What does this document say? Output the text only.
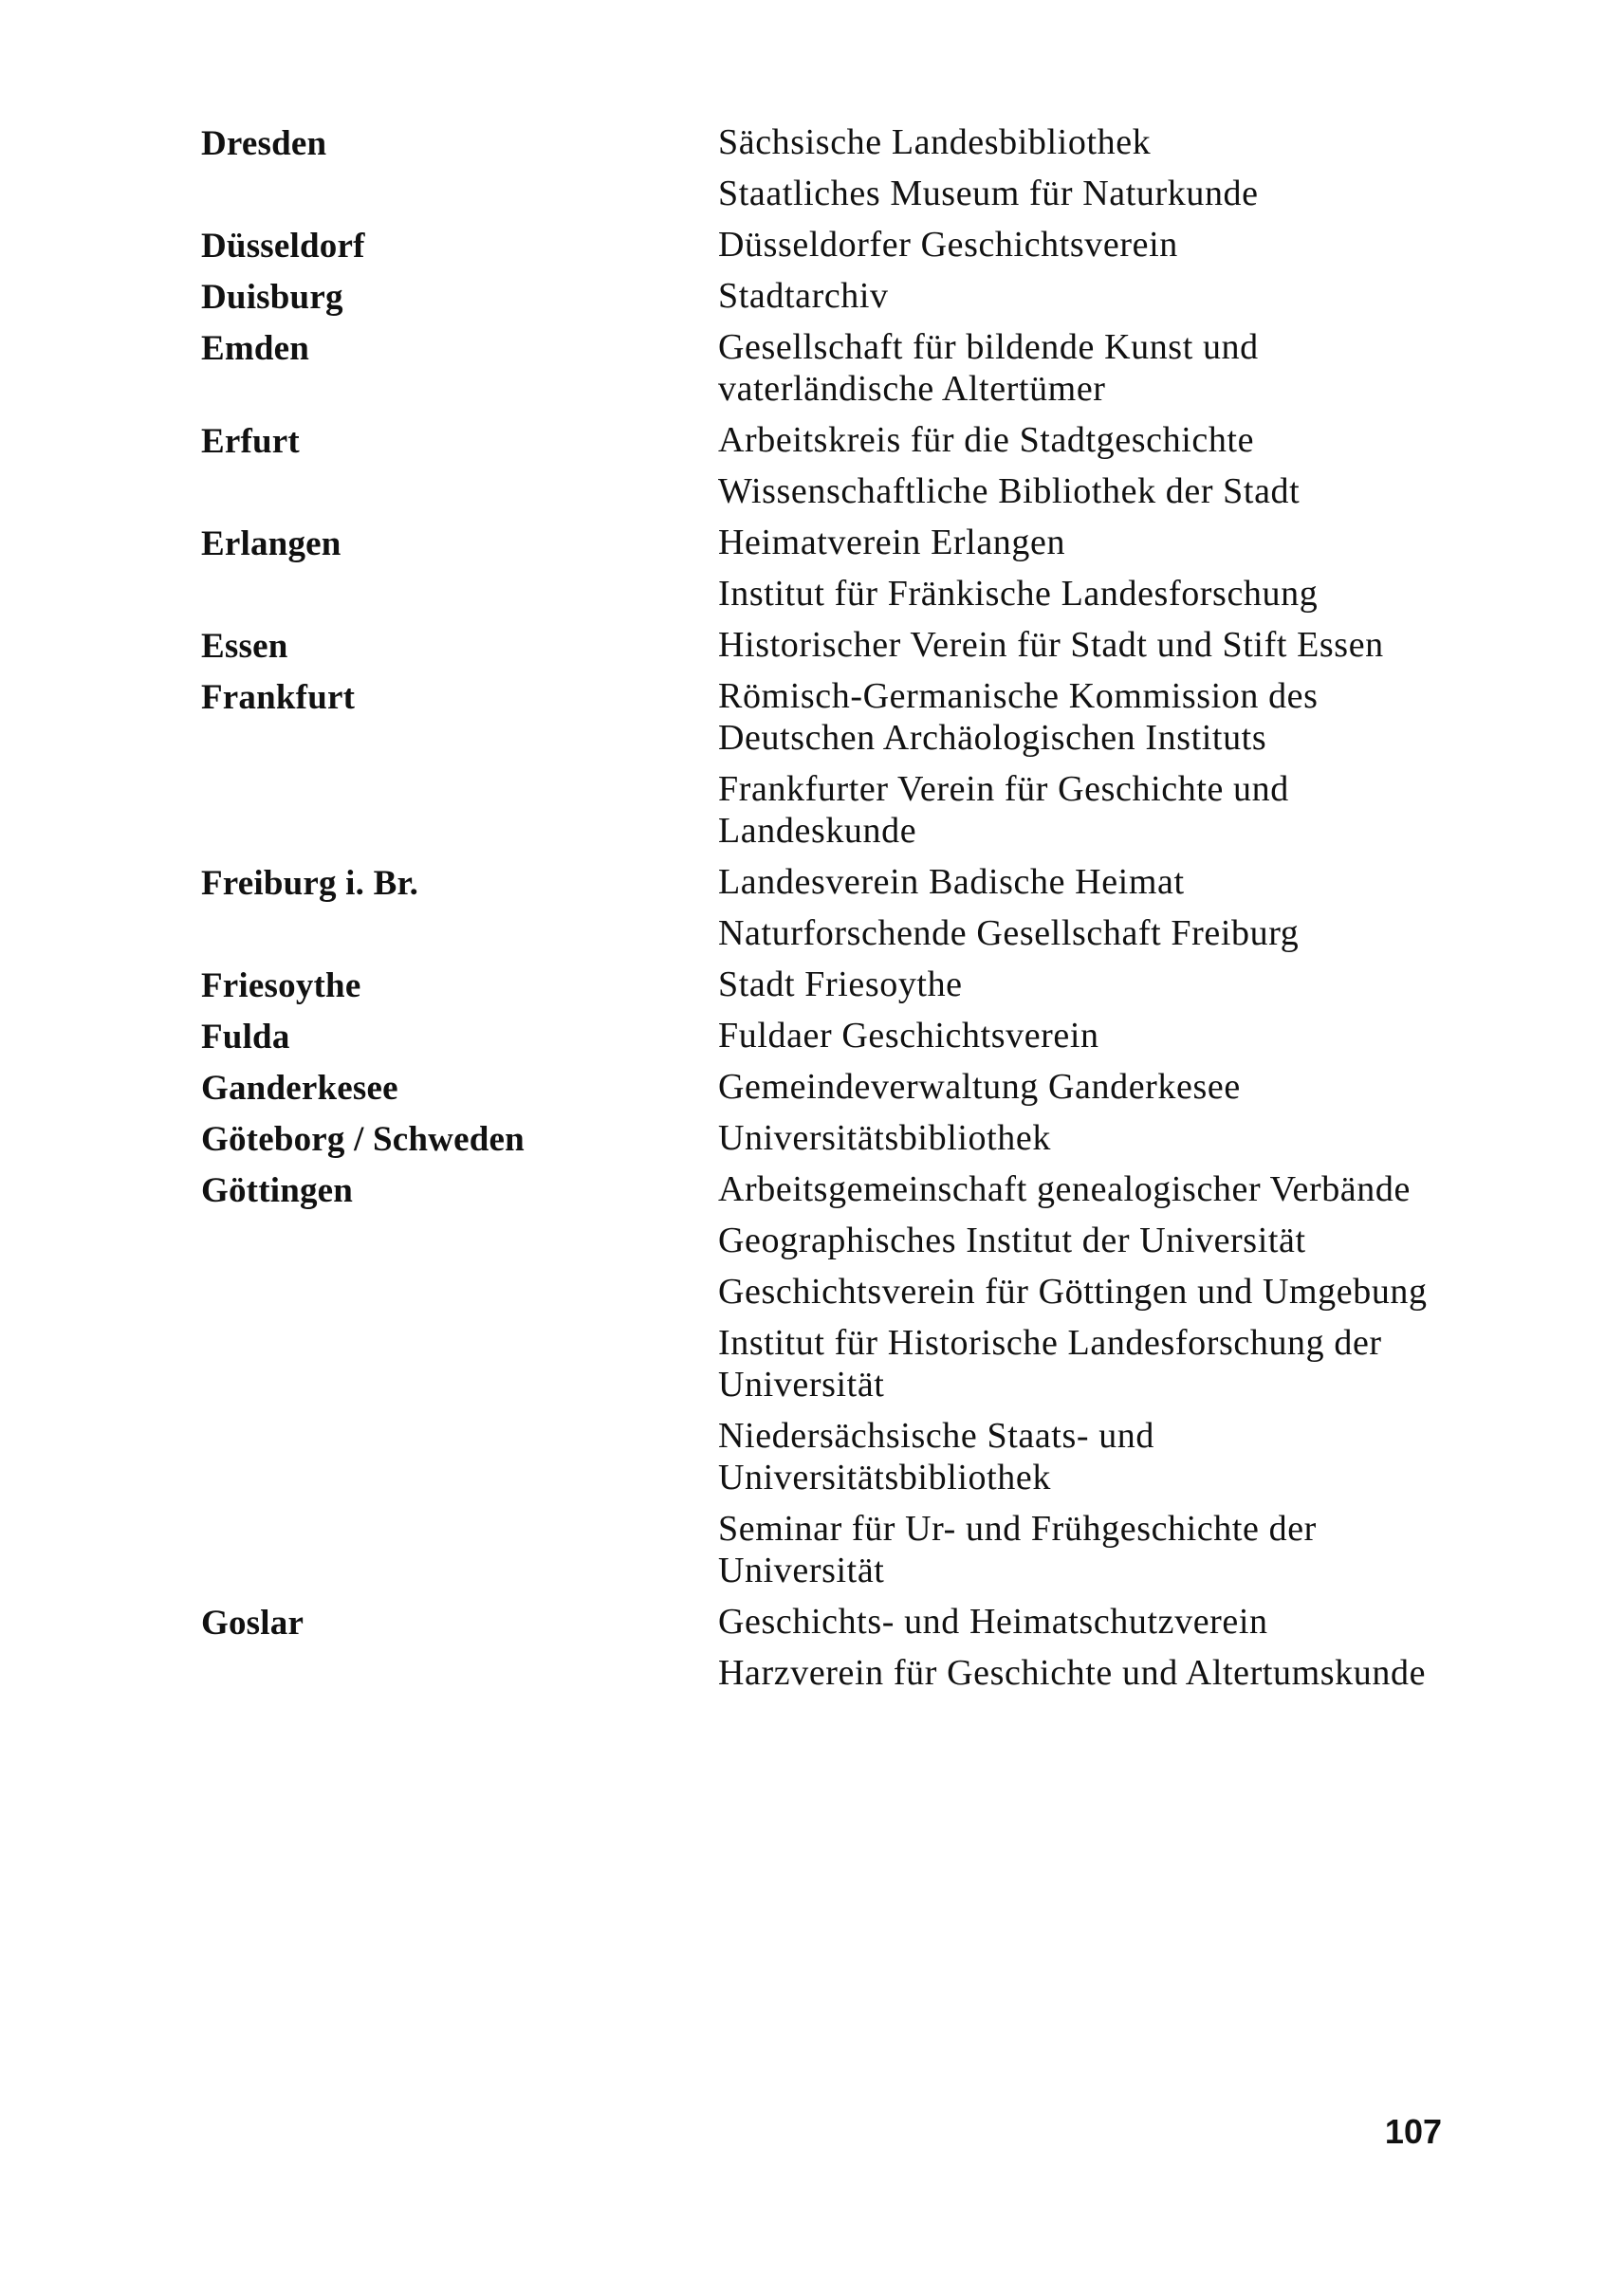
Dresden	Sächsische Landesbibliothek
Staatliches Museum für Naturkunde
Düsseldorf	Düsseldorfer Geschichtsverein
Duisburg	Stadtarchiv
Emden	Gesellschaft für bildende Kunst und vaterländische Altertümer
Erfurt	Arbeitskreis für die Stadtgeschichte
Wissenschaftliche Bibliothek der Stadt
Erlangen	Heimatverein Erlangen
Institut für Fränkische Landesforschung
Essen	Historischer Verein für Stadt und Stift Essen
Frankfurt	Römisch-Germanische Kommission des Deutschen Archäologischen Instituts
Frankfurter Verein für Geschichte und Landeskunde
Freiburg i. Br.	Landesverein Badische Heimat
Naturforschende Gesellschaft Freiburg
Friesoythe	Stadt Friesoythe
Fulda	Fuldaer Geschichtsverein
Ganderkesee	Gemeindeverwaltung Ganderkesee
Göteborg / Schweden	Universitätsbibliothek
Göttingen	Arbeitsgemeinschaft genealogischer Verbände
Geographisches Institut der Universität
Geschichtsverein für Göttingen und Umgebung
Institut für Historische Landesforschung der Universität
Niedersächsische Staats- und Universitätsbibliothek
Seminar für Ur- und Frühgeschichte der Universität
Goslar	Geschichts- und Heimatschutzverein
Harzverein für Geschichte und Altertumskunde
107
